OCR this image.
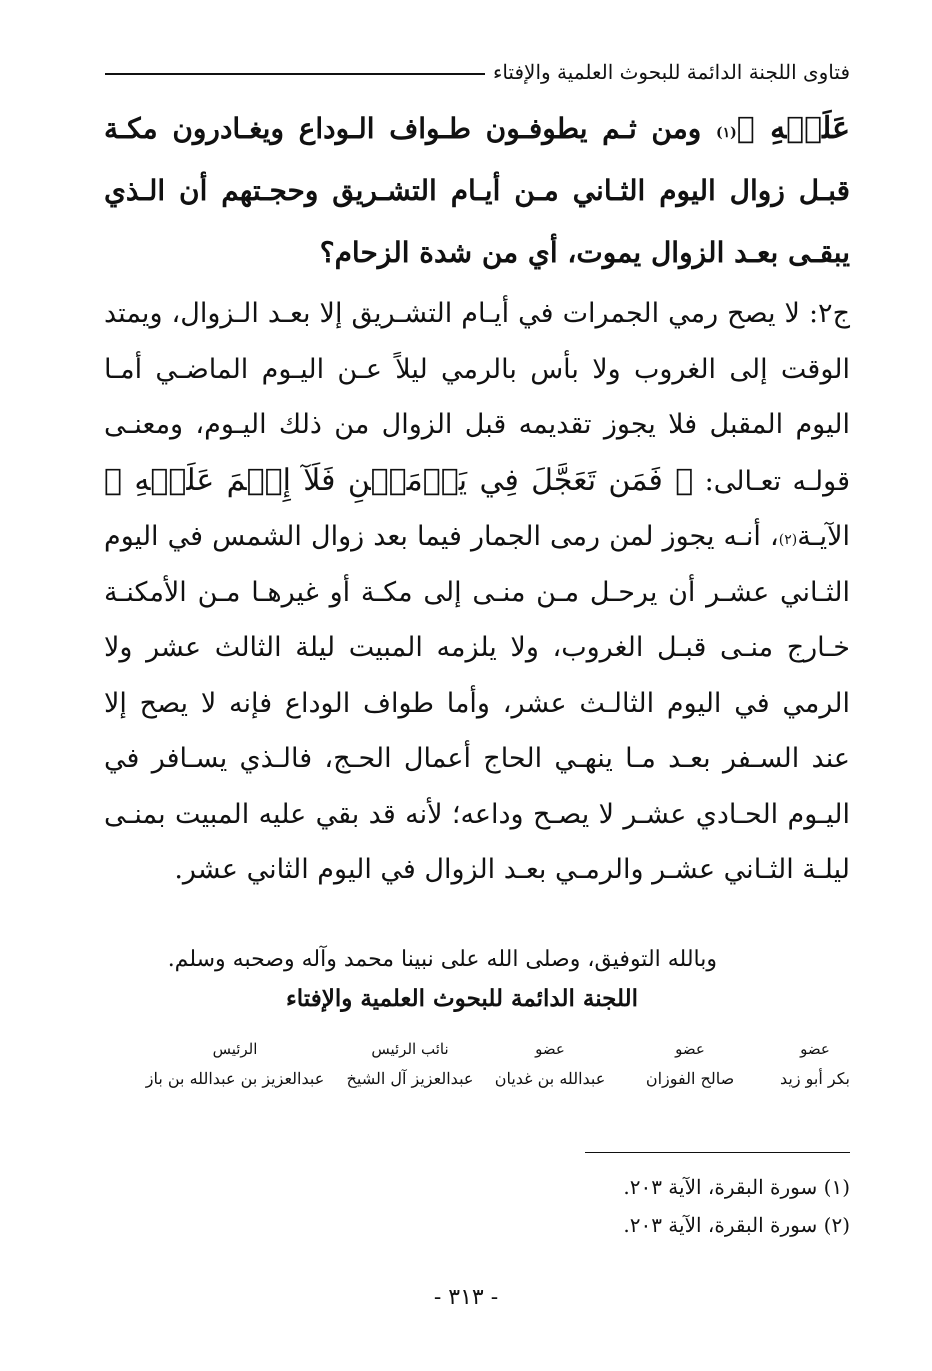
فتاوى اللجنة الدائمة للبحوث العلمية والإفتاء
عَلَيۡهِ ﴾$^{(١)}$ ومن ثـم يطوفـون طـواف الـوداع ويغـادرون مكـة قبـل زوال اليوم الثـاني مـن أيـام التشـريق وحجـتهم أن الـذي يبقـى بعـد الزوال يموت، أي من شدة الزحام؟
ج٢: لا يصح رمي الجمرات في أيـام التشـريق إلا بعـد الـزوال، ويمتد الوقت إلى الغروب ولا بأس بالرمي ليلاً عـن اليـوم الماضـي أمـا اليوم المقبل فلا يجوز تقديمه قبل الزوال من ذلك اليـوم، ومعنـى قولـه تعـالى: ﴿ فَمَن تَعَجَّلَ فِي يَوۡمَيۡنِ فَلَآ إِثۡمَ عَلَيۡهِ ﴾الآيـة$^{(٢)}$، أنـه يجوز لمن رمى الجمار فيما بعد زوال الشمس في اليوم الثـاني عشـر أن يرحـل مـن منـى إلى مكـة أو غيرهـا مـن الأمكنـة خـارج منـى قبـل الغروب، ولا يلزمه المبيت ليلة الثالث عشر ولا الرمي في اليوم الثالـث عشر، وأما طواف الوداع فإنه لا يصح إلا عند السـفر بعـد مـا ينهـي الحاج أعمال الحـج، فالـذي يسـافر في اليـوم الحـادي عشـر لا يصـح وداعه؛ لأنه قد بقي عليه المبيت بمنـى ليلـة الثـاني عشـر والرمـي بعـد الزوال في اليوم الثاني عشر.
وبالله التوفيق، وصلى الله على نبينا محمد وآله وصحبه وسلم.
اللجنة الدائمة للبحوث العلمية والإفتاء
عضو
بكر أبو زيد
عضو
صالح الفوزان
عضو
عبدالله بن غديان
نائب الرئيس
عبدالعزيز آل الشيخ
الرئيس
عبدالعزيز بن عبدالله بن باز
(١) سورة البقرة، الآية ٢٠٣.
(٢) سورة البقرة، الآية ٢٠٣.
- ٣١٣ -
